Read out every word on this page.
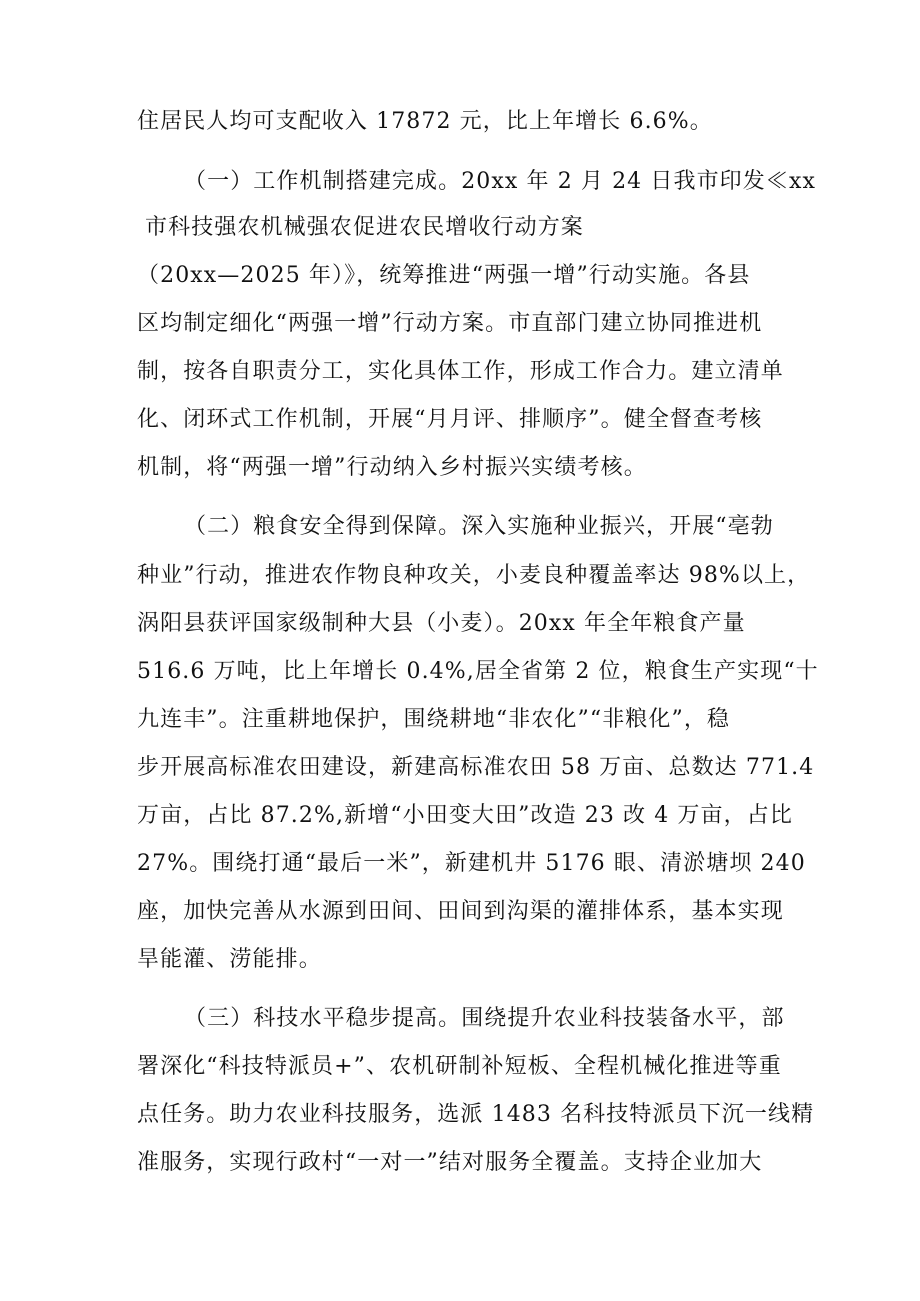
住居民人均可支配收入 17872 元，比上年增长 6.6%。
（一）工作机制搭建完成。20xx 年 2 月 24 日我市印发≪xx
市科技强农机械强农促进农民增收行动方案
（20xx—2025 年）》，统筹推进“两强一增”行动实施。各县
区均制定细化“两强一增”行动方案。市直部门建立协同推进机
制，按各自职责分工，实化具体工作，形成工作合力。建立清单
化、闭环式工作机制，开展“月月评、排顺序”。健全督查考核
机制，将“两强一增”行动纳入乡村振兴实绩考核。
（二）粮食安全得到保障。深入实施种业振兴，开展“亳勃
种业”行动，推进农作物良种攻关，小麦良种覆盖率达 98%以上，
涡阳县获评国家级制种大县（小麦）。20xx 年全年粮食产量
516.6 万吨，比上年增长 0.4%,居全省第 2 位，粮食生产实现“十
九连丰”。注重耕地保护，围绕耕地“非农化”“非粮化”，稳
步开展高标准农田建设，新建高标准农田 58 万亩、总数达 771.4
万亩，占比 87.2%,新增“小田变大田”改造 23 改 4 万亩，占比
27%。围绕打通“最后一米”，新建机井 5176 眼、清淤塘坝 240
座，加快完善从水源到田间、田间到沟渠的灌排体系，基本实现
旱能灌、涝能排。
（三）科技水平稳步提高。围绕提升农业科技装备水平，部
署深化“科技特派员+”、农机研制补短板、全程机械化推进等重
点任务。助力农业科技服务，选派 1483 名科技特派员下沉一线精
准服务，实现行政村“一对一”结对服务全覆盖。支持企业加大
